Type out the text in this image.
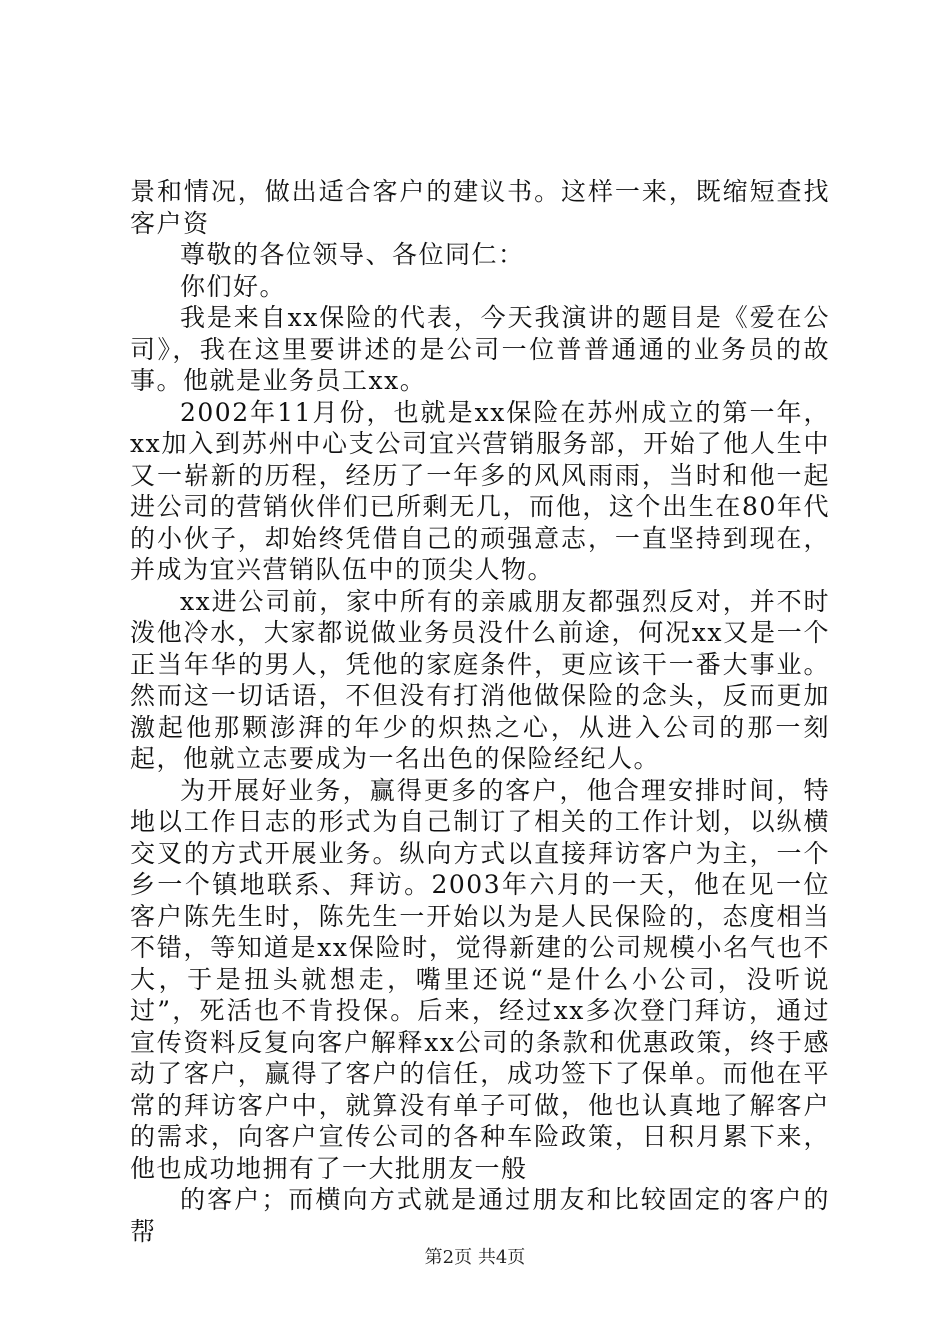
景和情况，做出适合客户的建议书。这样一来，既缩短查找客户资

尊敬的各位领导、各位同仁：

你们好。

我是来自xx保险的代表，今天我演讲的题目是《爱在公司》，我在这里要讲述的是公司一位普普通通的业务员的故事。他就是业务员工xx。

2002年11月份，也就是xx保险在苏州成立的第一年，xx加入到苏州中心支公司宜兴营销服务部，开始了他人生中又一崭新的历程，经历了一年多的风风雨雨，当时和他一起进公司的营销伙伴们已所剩无几，而他，这个出生在80年代的小伙子，却始终凭借自己的顽强意志，一直坚持到现在，并成为宜兴营销队伍中的顶尖人物。

xx进公司前，家中所有的亲戚朋友都强烈反对，并不时泼他冷水，大家都说做业务员没什么前途，何况xx又是一个正当年华的男人，凭他的家庭条件，更应该干一番大事业。然而这一切话语，不但没有打消他做保险的念头，反而更加激起他那颗澎湃的年少的炽热之心，从进入公司的那一刻起，他就立志要成为一名出色的保险经纪人。

为开展好业务，赢得更多的客户，他合理安排时间，特地以工作日志的形式为自己制订了相关的工作计划，以纵横交叉的方式开展业务。纵向方式以直接拜访客户为主，一个乡一个镇地联系、拜访。2003年六月的一天，他在见一位客户陈先生时，陈先生一开始以为是人民保险的，态度相当不错，等知道是xx保险时，觉得新建的公司规模小名气也不大，于是扭头就想走，嘴里还说“是什么小公司，没听说过”，死活也不肯投保。后来，经过xx多次登门拜访，通过宣传资料反复向客户解释xx公司的条款和优惠政策，终于感动了客户，赢得了客户的信任，成功签下了保单。而他在平常的拜访客户中，就算没有单子可做，他也认真地了解客户的需求，向客户宣传公司的各种车险政策，日积月累下来，他也成功地拥有了一大批朋友一般

的客户；而横向方式就是通过朋友和比较固定的客户的帮

第2页 共4页
